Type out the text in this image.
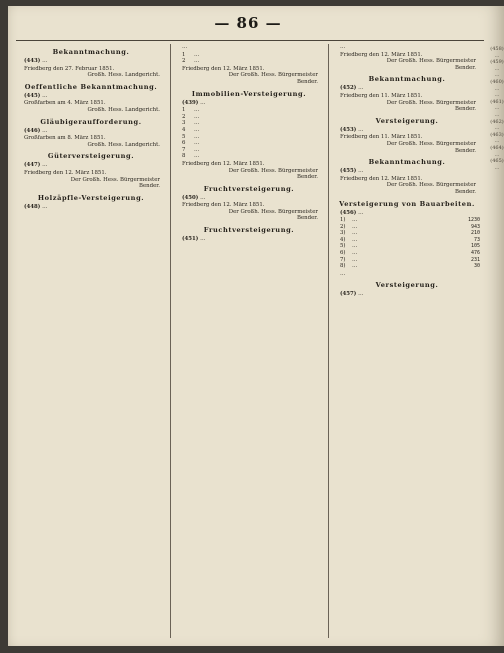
— 86 —
Bekanntmachung.

(443) …

Friedberg den 27. Februar 1851.
Großh. Hess. Landgericht.
Oeffentliche Bekanntmachung.

(445) …

Großfarben am 4. März 1851.
Großh. Hess. Landgericht.
Gläubigeraufforderung.

(446) …

Großfarben am 8. März 1851.
Großh. Hess. Landgericht.
Güterversteigerung.

(447) …

Friedberg den 12. März 1851.
Der Großh. Hess. Bürgermeister
Bender.
Holzäpfle-Versteigerung.

(448) …

…

1	…
2	…
Friedberg den 12. März 1851.
Der Großh. Hess. Bürgermeister
Bender.
Immobilien-Versteigerung.

(439) …

1	…
2	…
3	…
4	…
5	…
6	…
7	…
8	…
Friedberg den 12. März 1851.
Der Großh. Hess. Bürgermeister
Bender.
Fruchtversteigerung.

(450) …

Friedberg den 12. März 1851.
Der Großh. Hess. Bürgermeister
Bender.
Fruchtversteigerung.

(451) …

…

Friedberg den 12. März 1851.
Der Großh. Hess. Bürgermeister
Bender.
Bekanntmachung.

(452) …

Friedberg den 11. März 1851.
Der Großh. Hess. Bürgermeister
Bender.
Versteigerung.

(453) …

Friedberg den 11. März 1851.
Der Großh. Hess. Bürgermeister
Bender.
Bekanntmachung.

(455) …

Friedberg den 12. März 1851.
Der Großh. Hess. Bürgermeister
Bender.
Versteigerung von Bauarbeiten.

(456) …

1)	…	1230
2)	…	943
3)	…	210
4)	…	73
5)	…	105
6)	…	476
7)	…	231
8)	…	30

…

Versteigerung.

(457) …

(458)
…
(459)
…
…
(460)
…
…
(461)
…
…
(462)
…
(463)
…
(464)
…
(465)
…
